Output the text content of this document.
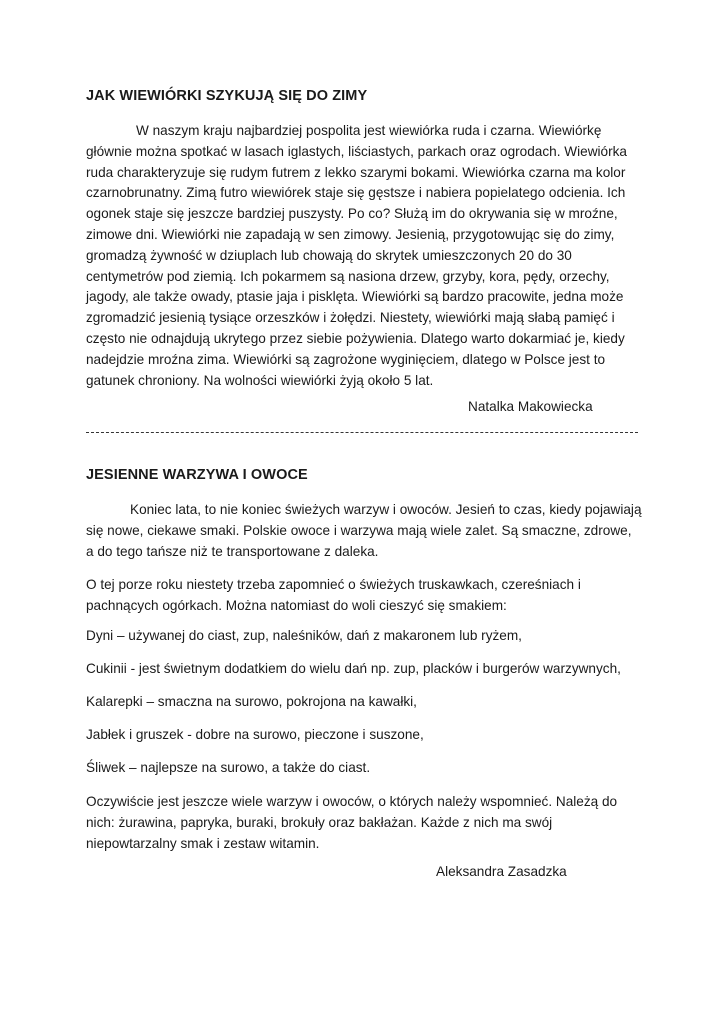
JAK WIEWIÓRKI SZYKUJĄ SIĘ DO ZIMY
W naszym kraju najbardziej pospolita jest wiewiórka ruda i czarna. Wiewiórkę głównie można spotkać w lasach iglastych, liściastych, parkach oraz ogrodach. Wiewiórka ruda charakteryzuje się rudym futrem z lekko szarymi bokami. Wiewiórka czarna ma kolor czarnobrunatny. Zimą futro wiewiórek staje się gęstsze i nabiera popielatego odcienia. Ich ogonek staje się jeszcze bardziej puszysty. Po co? Służą im do okrywania się w mroźne, zimowe dni. Wiewiórki nie zapadają w sen zimowy. Jesienią, przygotowując się do zimy, gromadzą żywność w dziuplach lub chowają do skrytek umieszczonych 20 do 30 centymetrów pod ziemią. Ich pokarmem są nasiona drzew, grzyby, kora, pędy, orzechy, jagody, ale także owady, ptasie jaja i pisklęta. Wiewiórki są bardzo pracowite, jedna może zgromadzić jesienią tysiące orzeszków i żołędzi. Niestety, wiewiórki mają słabą pamięć i często nie odnajdują ukrytego przez siebie pożywienia. Dlatego warto dokarmiać je, kiedy nadejdzie mroźna zima. Wiewiórki są zagrożone wyginięciem, dlatego w Polsce jest to gatunek chroniony. Na wolności wiewiórki żyją około 5 lat.
Natalka Makowiecka
JESIENNE WARZYWA I OWOCE
Koniec lata, to nie koniec świeżych warzyw i owoców. Jesień to czas, kiedy pojawiają się nowe, ciekawe smaki. Polskie owoce i warzywa mają wiele zalet. Są smaczne, zdrowe, a do tego tańsze niż te transportowane z daleka.
O tej porze roku niestety trzeba zapomnieć o świeżych truskawkach, czereśniach i pachnących ogórkach. Można natomiast do woli cieszyć się smakiem:
Dyni – używanej do ciast, zup, naleśników, dań z makaronem lub ryżem,
Cukinii - jest świetnym dodatkiem do wielu dań np. zup, placków i burgerów warzywnych,
Kalarepki – smaczna na surowo, pokrojona na kawałki,
Jabłek i gruszek - dobre na surowo, pieczone i suszone,
Śliwek – najlepsze na surowo, a także do ciast.
Oczywiście jest jeszcze wiele warzyw i owoców, o których należy wspomnieć. Należą do nich: żurawina, papryka, buraki, brokuły oraz bakłażan. Każde z nich ma swój niepowtarzalny smak i zestaw witamin.
Aleksandra Zasadzka
